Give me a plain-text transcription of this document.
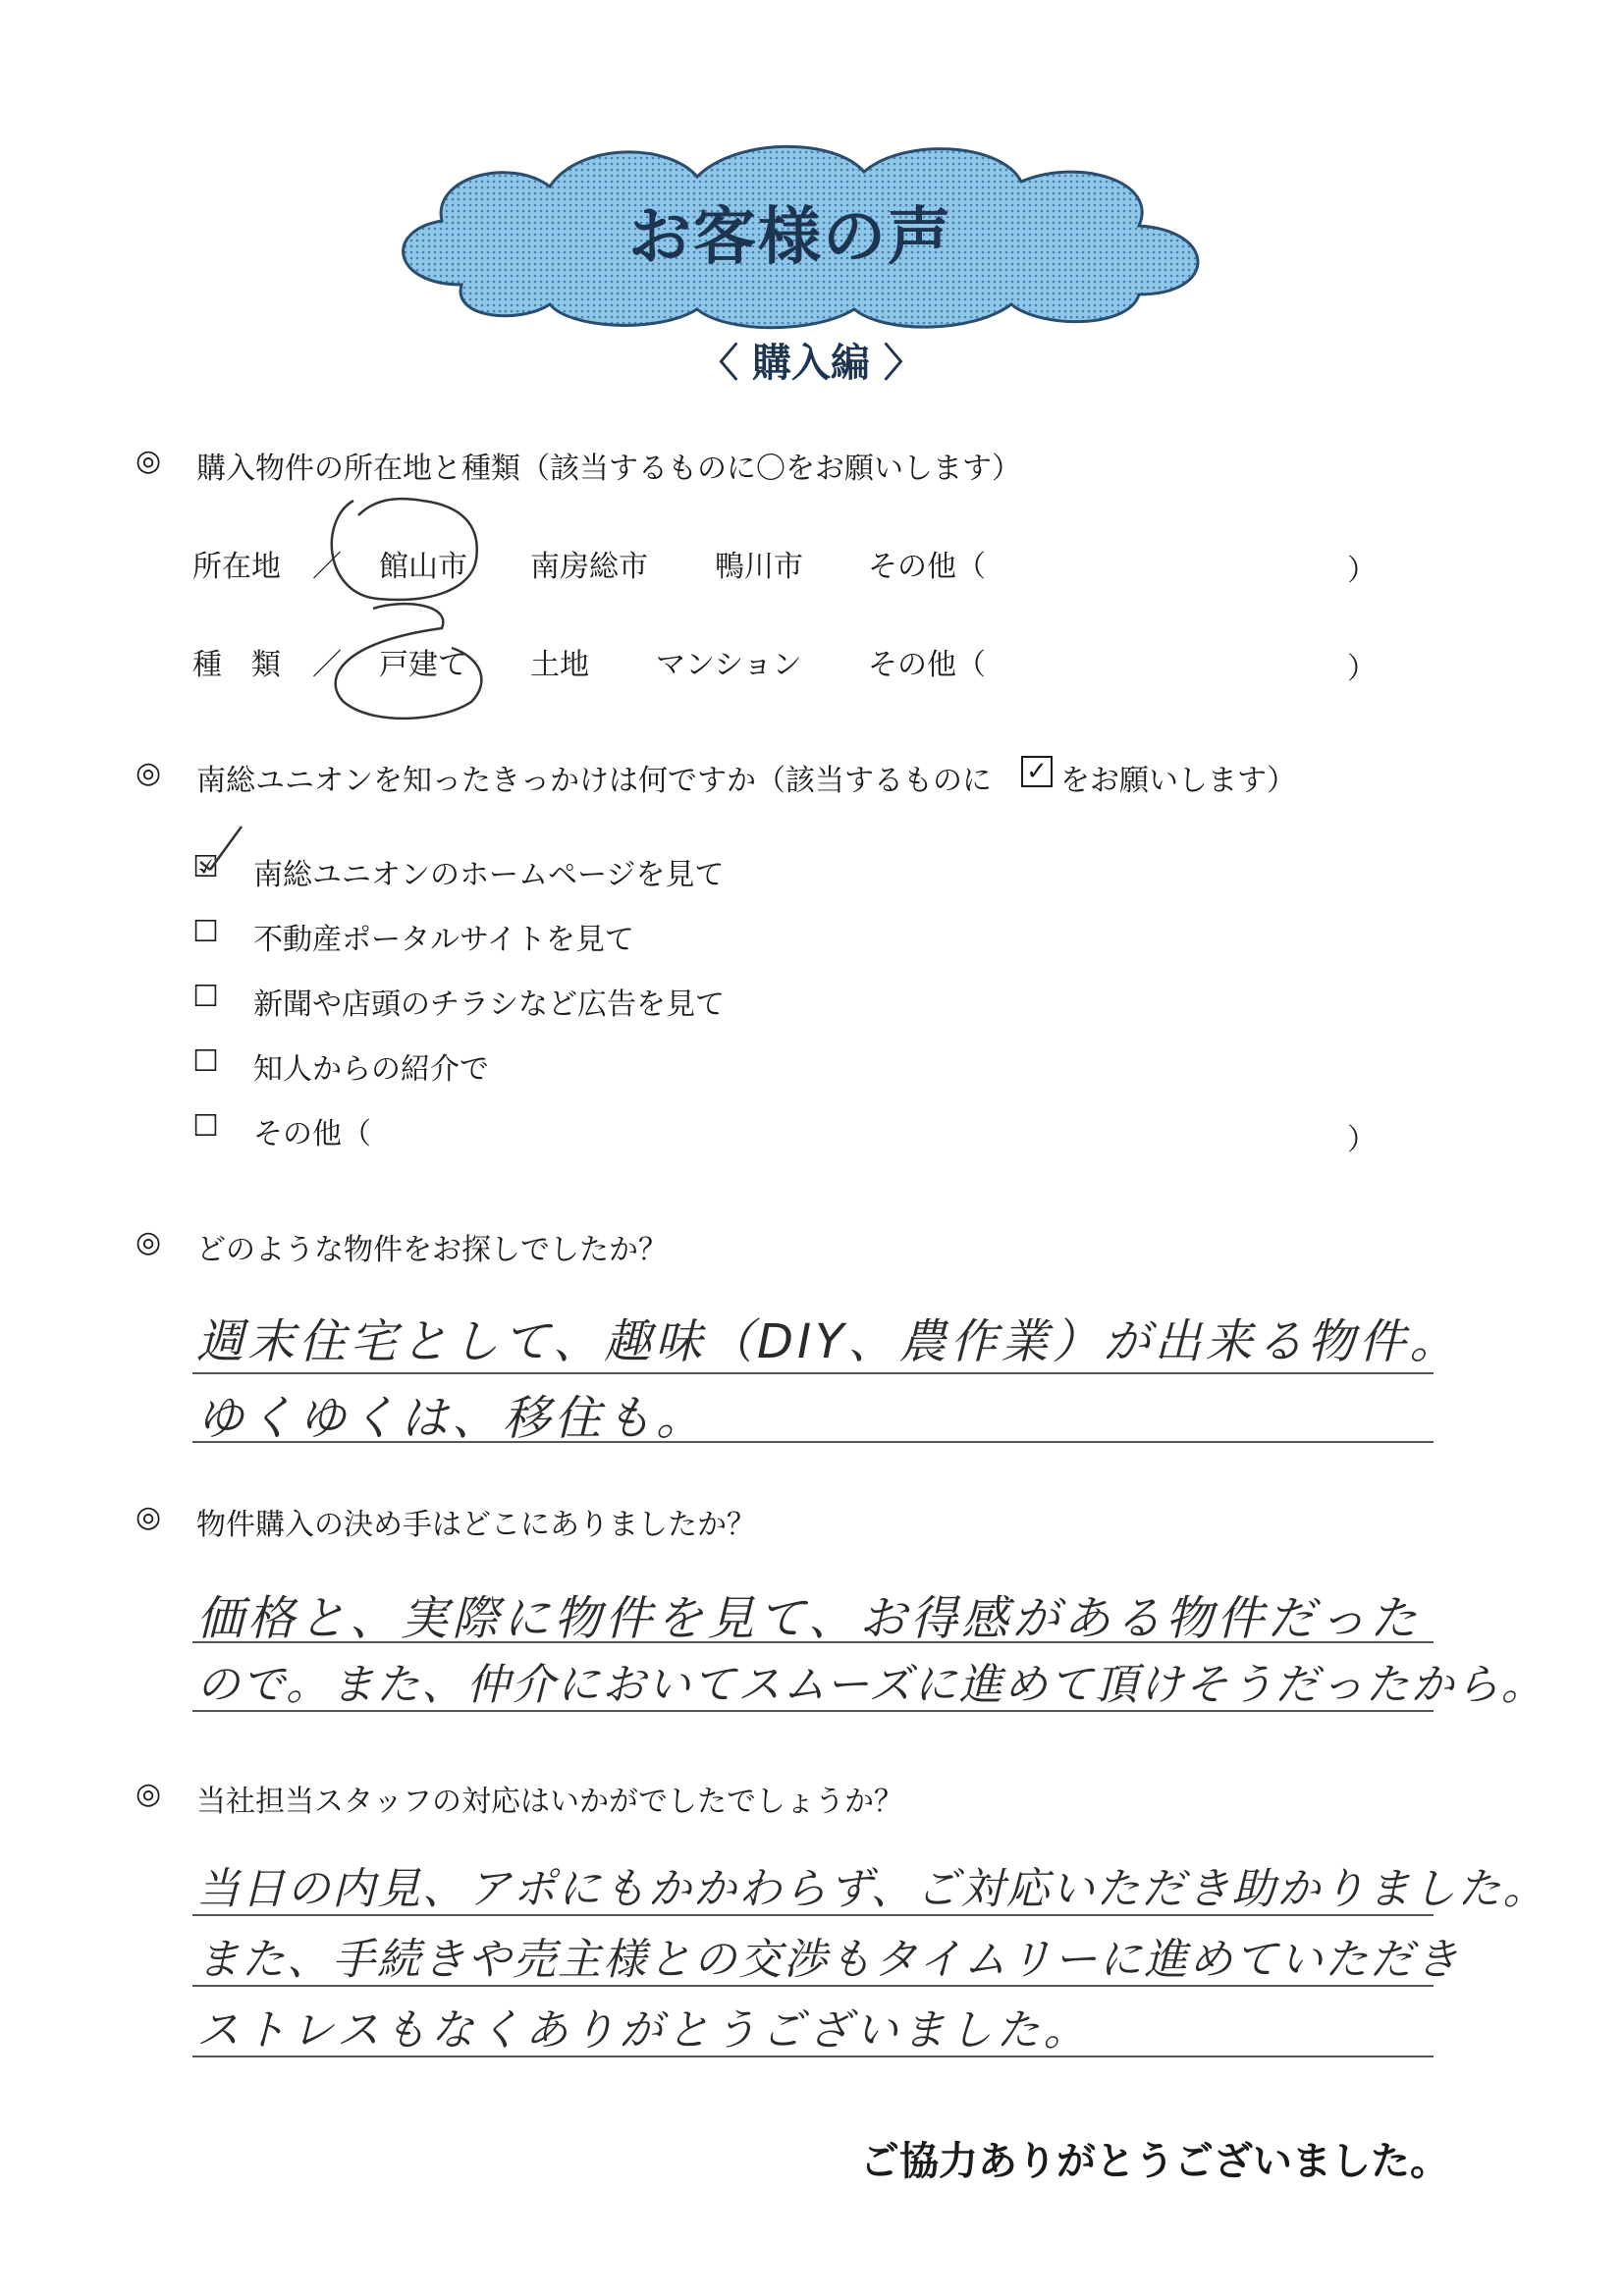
お客様の声
〈 購入編 〉
◎ 購入物件の所在地と種類（該当するものに〇をお願いします）
所在地 ／ 館山市 南房総市 鴨川市 その他（	）
種　類 ／ 戸建て 土地 マンション その他（	）
◎ 南総ユニオンを知ったきっかけは何ですか（該当するものに ✓ をお願いします）
☑ 南総ユニオンのホームページを見て
☐ 不動産ポータルサイトを見て
☐ 新聞や店頭のチラシなど広告を見て
☐ 知人からの紹介で
☐ その他（	）
◎ どのような物件をお探しでしたか？
週末住宅として、趣味（DIY、農作業）が出来る物件。
ゆくゆくは、移住も。
◎ 物件購入の決め手はどこにありましたか？
価格と、実際に物件を見て、お得感がある物件だった
ので。また、仲介においてスムーズに進めて頂けそうだったから。
◎ 当社担当スタッフの対応はいかがでしたでしょうか？
当日の内見、アポにもかかわらず、ご対応いただき助かりました。
また、手続きや売主様との交渉もタイムリーに進めていただき
ストレスもなくありがとうございました。
ご協力ありがとうございました。
